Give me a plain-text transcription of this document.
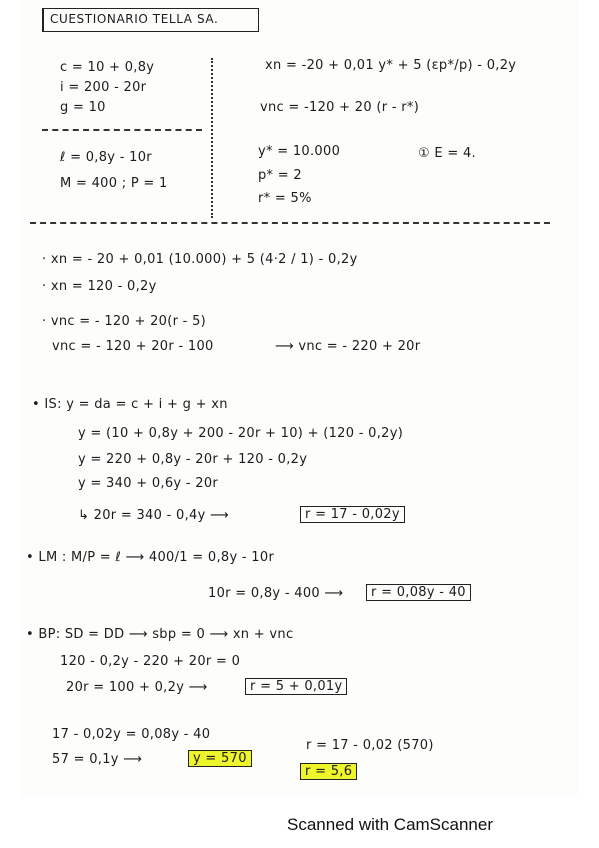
CUESTIONARIO TELLA SA.
c = 10 + 0,8y
i = 200 - 20r
g = 10
ℓ = 0,8y - 10r
M = 400 ; P = 1
xn = -20 + 0,01 y* + 5 (εp*/p) - 0,2y
vnc = -120 + 20 (r - r*)
y* = 10.000
p* = 2
r* = 5%
① E = 4.
· xn = - 20 + 0,01 (10.000) + 5 (4·2 / 1) - 0,2y
· xn = 120 - 0,2y
· vnc = - 120 + 20(r - 5)
vnc = - 120 + 20r - 100	⟶ vnc = - 220 + 20r
• IS: y = da = c + i + g + xn
y = (10 + 0,8y + 200 - 20r + 10) + (120 - 0,2y)
y = 220 + 0,8y - 20r + 120 - 0,2y
y = 340 + 0,6y - 20r
↳ 20r = 340 - 0,4y ⟶	r = 17 - 0,02y
• LM : M/P = ℓ ⟶ 400/1 = 0,8y - 10r
10r = 0,8y - 400 ⟶	r = 0,08y - 40
• BP: SD = DD ⟶ sbp = 0 ⟶ xn + vnc
120 - 0,2y - 220 + 20r = 0
20r = 100 + 0,2y ⟶	r = 5 + 0,01y
17 - 0,02y = 0,08y - 40
57 = 0,1y ⟶	y = 570
r = 17 - 0,02 (570)
r = 5,6
Scanned with CamScanner
